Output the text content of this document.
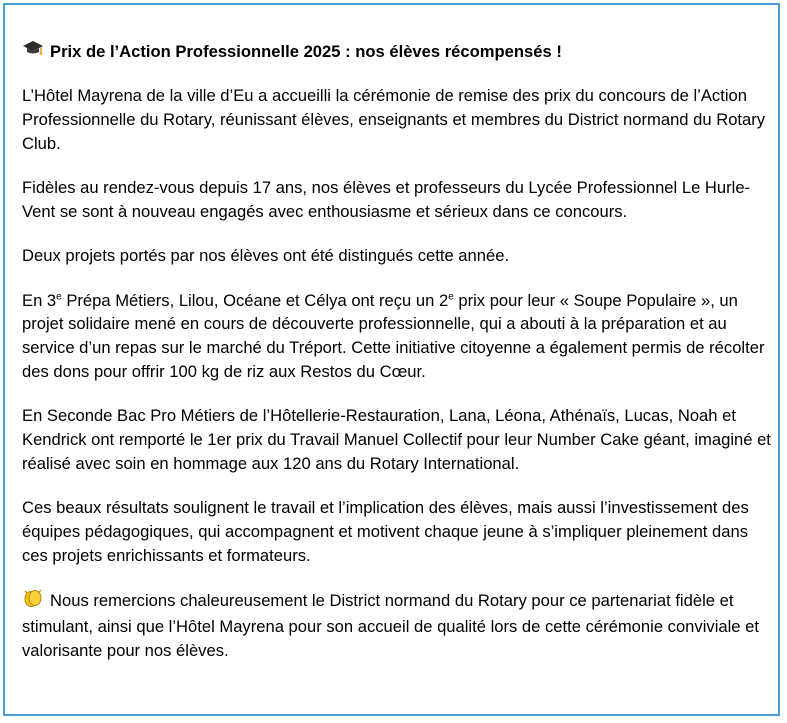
Prix de l’Action Professionnelle 2025 : nos élèves récompensés !

L’Hôtel Mayrena de la ville d’Eu a accueilli la cérémonie de remise des prix du concours de l’Action Professionnelle du Rotary, réunissant élèves, enseignants et membres du District normand du Rotary Club.

Fidèles au rendez-vous depuis 17 ans, nos élèves et professeurs du Lycée Professionnel Le Hurle-Vent se sont à nouveau engagés avec enthousiasme et sérieux dans ce concours.

Deux projets portés par nos élèves ont été distingués cette année.

En 3e Prépa Métiers, Lilou, Océane et Célya ont reçu un 2e prix pour leur « Soupe Populaire », un projet solidaire mené en cours de découverte professionnelle, qui a abouti à la préparation et au service d’un repas sur le marché du Tréport. Cette initiative citoyenne a également permis de récolter des dons pour offrir 100 kg de riz aux Restos du Cœur.

En Seconde Bac Pro Métiers de l’Hôtellerie-Restauration, Lana, Léona, Athénaïs, Lucas, Noah et Kendrick ont remporté le 1er prix du Travail Manuel Collectif pour leur Number Cake géant, imaginé et réalisé avec soin en hommage aux 120 ans du Rotary International.

Ces beaux résultats soulignent le travail et l’implication des élèves, mais aussi l’investissement des équipes pédagogiques, qui accompagnent et motivent chaque jeune à s’impliquer pleinement dans ces projets enrichissants et formateurs.

Nous remercions chaleureusement le District normand du Rotary pour ce partenariat fidèle et stimulant, ainsi que l’Hôtel Mayrena pour son accueil de qualité lors de cette cérémonie conviviale et valorisante pour nos élèves.
